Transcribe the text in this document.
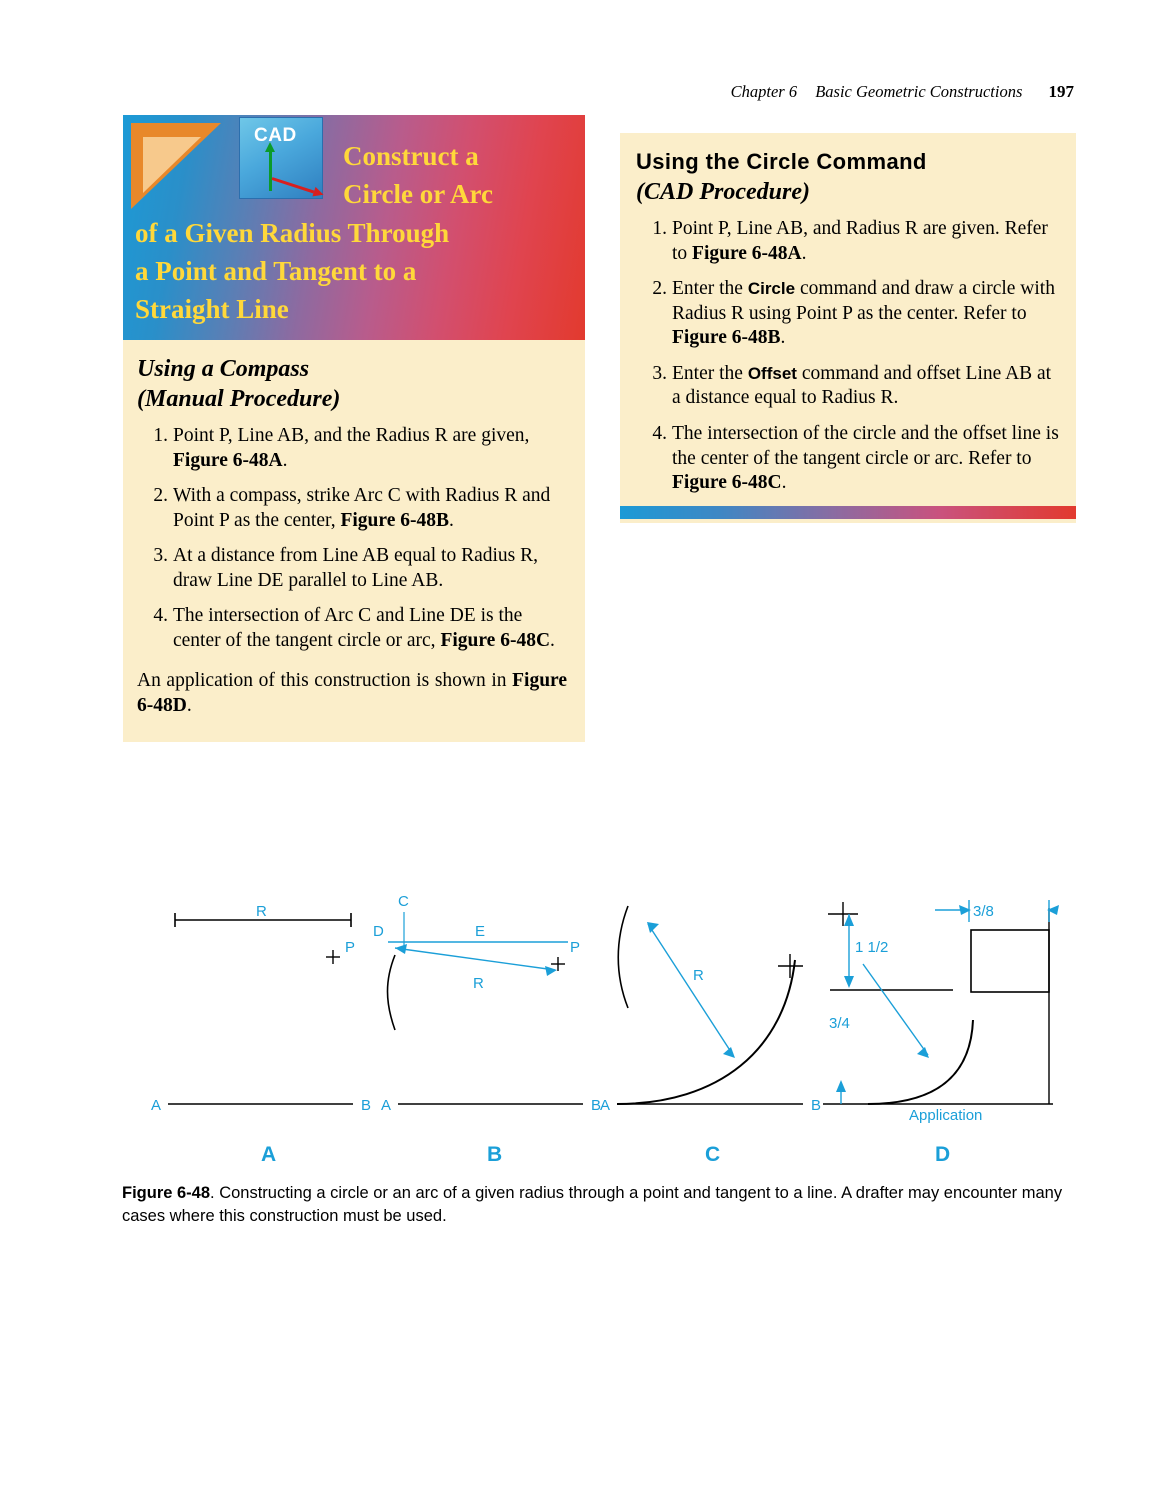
Chapter 6 Basic Geometric Constructions 197
CAD
Construct a
Circle or Arc
of a Given Radius Through
a Point and Tangent to a
Straight Line
Using a Compass
(Manual Procedure)
Point P, Line AB, and the Radius R are given, Figure 6-48A.
With a compass, strike Arc C with Radius R and Point P as the center, Figure 6-48B.
At a distance from Line AB equal to Radius R, draw Line DE parallel to Line AB.
The intersection of Arc C and Line DE is the center of the tangent circle or arc, Figure 6-48C.

An application of this construction is shown in Figure 6-48D.

Using the Circle Command
(CAD Procedure)
Point P, Line AB, and Radius R are given. Refer to Figure 6-48A.
Enter the Circle command and draw a circle with Radius R using Point P as the center. Refer to Figure 6-48B.
Enter the Offset command and offset Line AB at a distance equal to Radius R.
The intersection of the circle and the offset line is the center of the tangent circle or arc. Refer to Figure 6-48C.
R
P
A	B
C
D	E
R
P
A	B
R
A	B
3/8
1 1/2
3/4
Application
A	B	C	D
Figure 6-48. Constructing a circle or an arc of a given radius through a point and tangent to a line. A drafter may encounter many cases where this construction must be used.
